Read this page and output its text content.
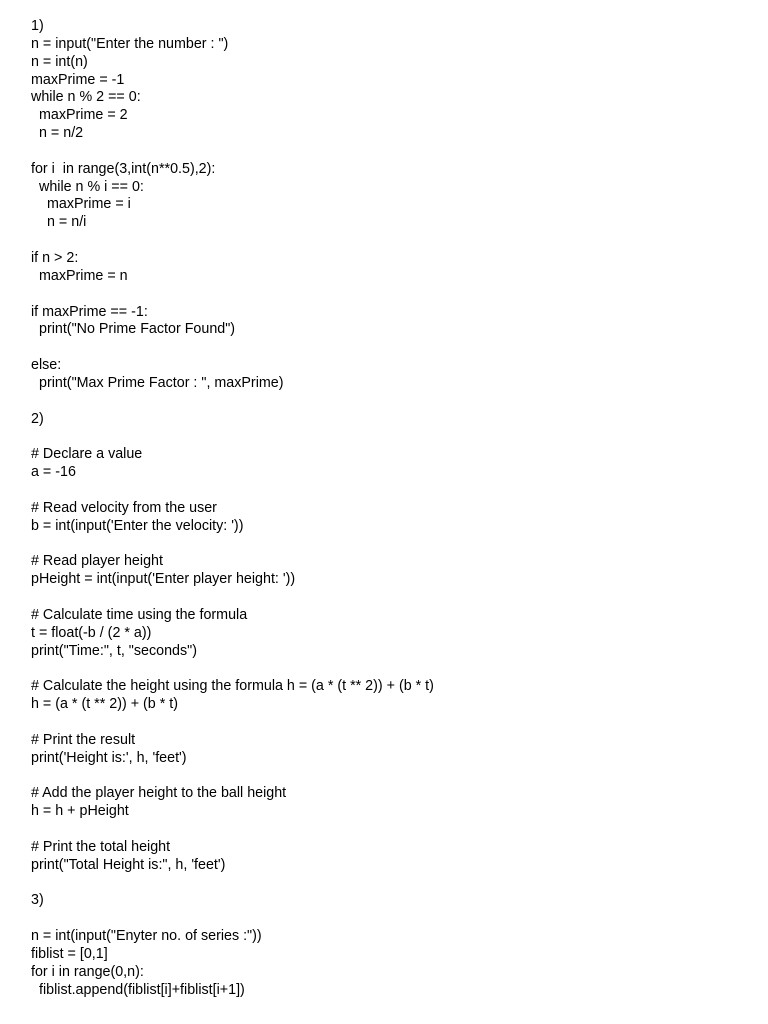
1)
n = input("Enter the number : ")
n = int(n)
maxPrime = -1
while n % 2 == 0:
maxPrime = 2
n = n/2
for i  in range(3,int(n**0.5),2):
while n % i == 0:
maxPrime = i
n = n/i
if n > 2:
maxPrime = n
if maxPrime == -1:
print("No Prime Factor Found")
else:
print("Max Prime Factor : ", maxPrime)
2)
# Declare a value
a = -16
# Read velocity from the user
b = int(input('Enter the velocity: '))
# Read player height
pHeight = int(input('Enter player height: '))
# Calculate time using the formula
t = float(-b / (2 * a))
print("Time:", t, "seconds")
# Calculate the height using the formula h = (a * (t ** 2)) + (b * t)
h = (a * (t ** 2)) + (b * t)
# Print the result
print('Height is:', h, 'feet')
# Add the player height to the ball height
h = h + pHeight
# Print the total height
print("Total Height is:", h, 'feet')
3)
n = int(input("Enyter no. of series :"))
fiblist = [0,1]
for i in range(0,n):
fiblist.append(fiblist[i]+fiblist[i+1])
